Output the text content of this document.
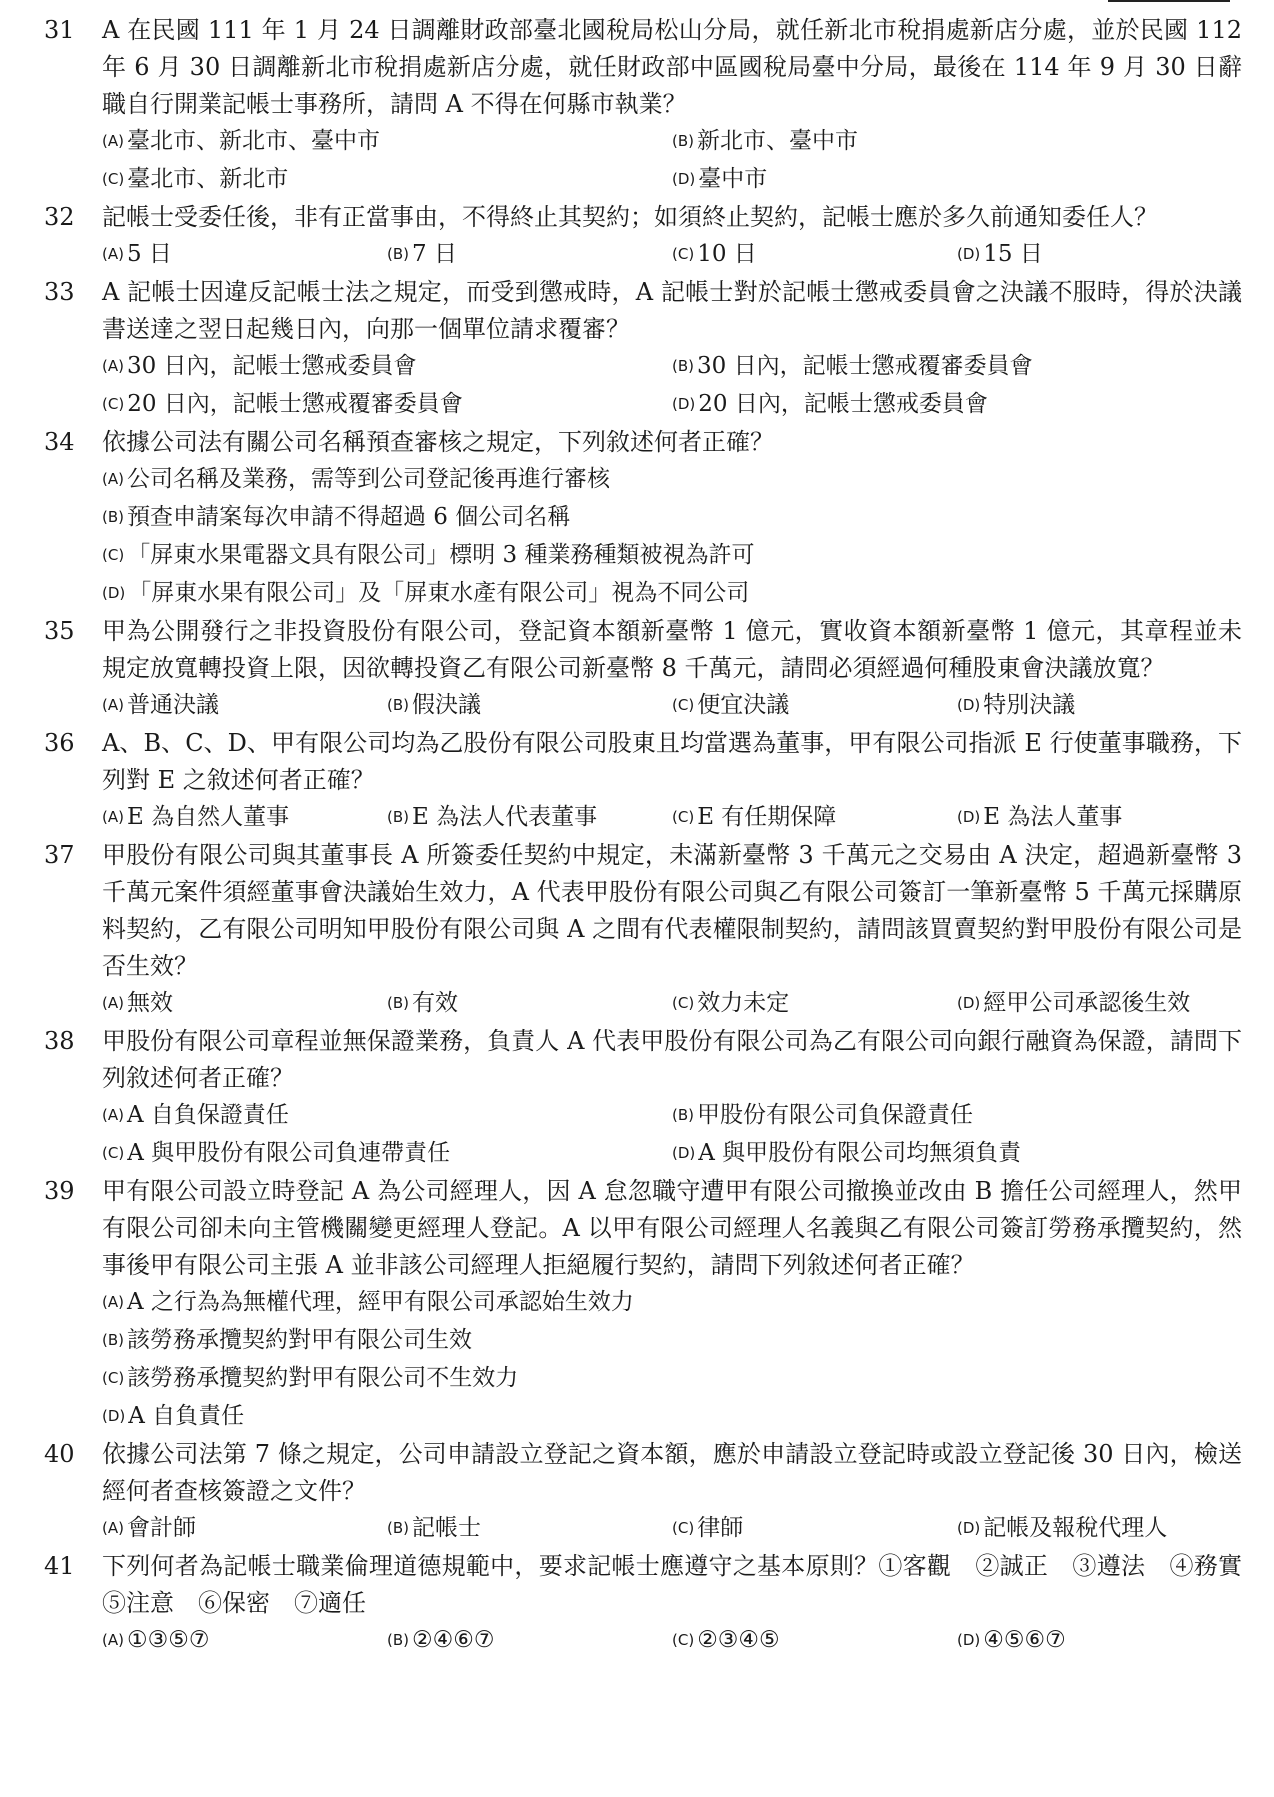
31	A 在民國 111 年 1 月 24 日調離財政部臺北國稅局松山分局，就任新北市稅捐處新店分處，並於民國 112 年 6 月 30 日調離新北市稅捐處新店分處，就任財政部中區國稅局臺中分局，最後在 114 年 9 月 30 日辭職自行開業記帳士事務所，請問 A 不得在何縣市執業？
(A) 臺北市、新北市、臺中市	(B) 新北市、臺中市
(C) 臺北市、新北市	(D) 臺中市
32	記帳士受委任後，非有正當事由，不得終止其契約；如須終止契約，記帳士應於多久前通知委任人？
(A) 5 日	(B) 7 日	(C) 10 日	(D) 15 日
33	A 記帳士因違反記帳士法之規定，而受到懲戒時，A 記帳士對於記帳士懲戒委員會之決議不服時，得於決議書送達之翌日起幾日內，向那一個單位請求覆審？
(A) 30 日內，記帳士懲戒委員會	(B) 30 日內，記帳士懲戒覆審委員會
(C) 20 日內，記帳士懲戒覆審委員會	(D) 20 日內，記帳士懲戒委員會
34	依據公司法有關公司名稱預查審核之規定，下列敘述何者正確？
(A) 公司名稱及業務，需等到公司登記後再進行審核
(B) 預查申請案每次申請不得超過 6 個公司名稱
(C) 「屏東水果電器文具有限公司」標明 3 種業務種類被視為許可
(D) 「屏東水果有限公司」及「屏東水產有限公司」視為不同公司
35	甲為公開發行之非投資股份有限公司，登記資本額新臺幣 1 億元，實收資本額新臺幣 1 億元，其章程並未規定放寬轉投資上限，因欲轉投資乙有限公司新臺幣 8 千萬元，請問必須經過何種股東會決議放寬？
(A) 普通決議	(B) 假決議	(C) 便宜決議	(D) 特別決議
36	A、B、C、D、甲有限公司均為乙股份有限公司股東且均當選為董事，甲有限公司指派 E 行使董事職務，下列對 E 之敘述何者正確？
(A) E 為自然人董事	(B) E 為法人代表董事	(C) E 有任期保障	(D) E 為法人董事
37	甲股份有限公司與其董事長 A 所簽委任契約中規定，未滿新臺幣 3 千萬元之交易由 A 決定，超過新臺幣 3 千萬元案件須經董事會決議始生效力，A 代表甲股份有限公司與乙有限公司簽訂一筆新臺幣 5 千萬元採購原料契約，乙有限公司明知甲股份有限公司與 A 之間有代表權限制契約，請問該買賣契約對甲股份有限公司是否生效？
(A) 無效	(B) 有效	(C) 效力未定	(D) 經甲公司承認後生效
38	甲股份有限公司章程並無保證業務，負責人 A 代表甲股份有限公司為乙有限公司向銀行融資為保證，請問下列敘述何者正確？
(A) A 自負保證責任	(B) 甲股份有限公司負保證責任
(C) A 與甲股份有限公司負連帶責任	(D) A 與甲股份有限公司均無須負責
39	甲有限公司設立時登記 A 為公司經理人，因 A 怠忽職守遭甲有限公司撤換並改由 B 擔任公司經理人，然甲有限公司卻未向主管機關變更經理人登記。A 以甲有限公司經理人名義與乙有限公司簽訂勞務承攬契約，然事後甲有限公司主張 A 並非該公司經理人拒絕履行契約，請問下列敘述何者正確？
(A) A 之行為為無權代理，經甲有限公司承認始生效力
(B) 該勞務承攬契約對甲有限公司生效
(C) 該勞務承攬契約對甲有限公司不生效力
(D) A 自負責任
40	依據公司法第 7 條之規定，公司申請設立登記之資本額，應於申請設立登記時或設立登記後 30 日內，檢送經何者查核簽證之文件？
(A) 會計師	(B) 記帳士	(C) 律師	(D) 記帳及報稅代理人
41	下列何者為記帳士職業倫理道德規範中，要求記帳士應遵守之基本原則？①客觀　②誠正　③遵法　④務實　⑤注意　⑥保密　⑦適任
(A) ①③⑤⑦	(B) ②④⑥⑦	(C) ②③④⑤	(D) ④⑤⑥⑦
